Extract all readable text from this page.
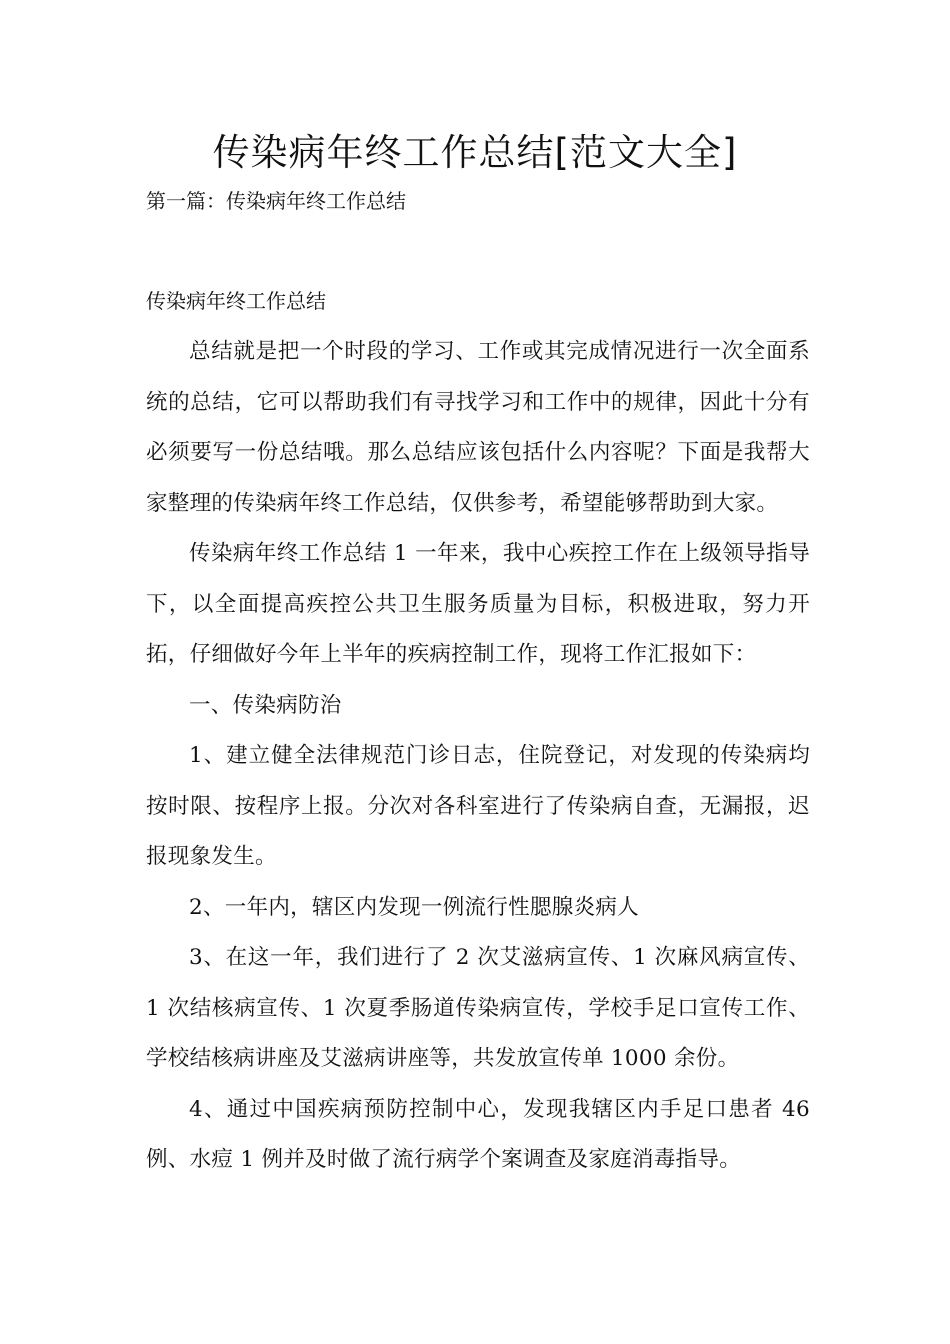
传染病年终工作总结[范文大全]
第一篇：传染病年终工作总结
传染病年终工作总结

总结就是把一个时段的学习、工作或其完成情况进行一次全面系统的总结，它可以帮助我们有寻找学习和工作中的规律，因此十分有必须要写一份总结哦。那么总结应该包括什么内容呢？下面是我帮大家整理的传染病年终工作总结，仅供参考，希望能够帮助到大家。

传染病年终工作总结 1 一年来，我中心疾控工作在上级领导指导下，以全面提高疾控公共卫生服务质量为目标，积极进取，努力开拓，仔细做好今年上半年的疾病控制工作，现将工作汇报如下：

一、传染病防治

1、建立健全法律规范门诊日志，住院登记，对发现的传染病均按时限、按程序上报。分次对各科室进行了传染病自查，无漏报，迟报现象发生。

2、一年内，辖区内发现一例流行性腮腺炎病人

3、在这一年，我们进行了 2 次艾滋病宣传、1 次麻风病宣传、1 次结核病宣传、1 次夏季肠道传染病宣传，学校手足口宣传工作、学校结核病讲座及艾滋病讲座等，共发放宣传单 1000 余份。

4、通过中国疾病预防控制中心，发现我辖区内手足口患者 46 例、水痘 1 例并及时做了流行病学个案调查及家庭消毒指导。
